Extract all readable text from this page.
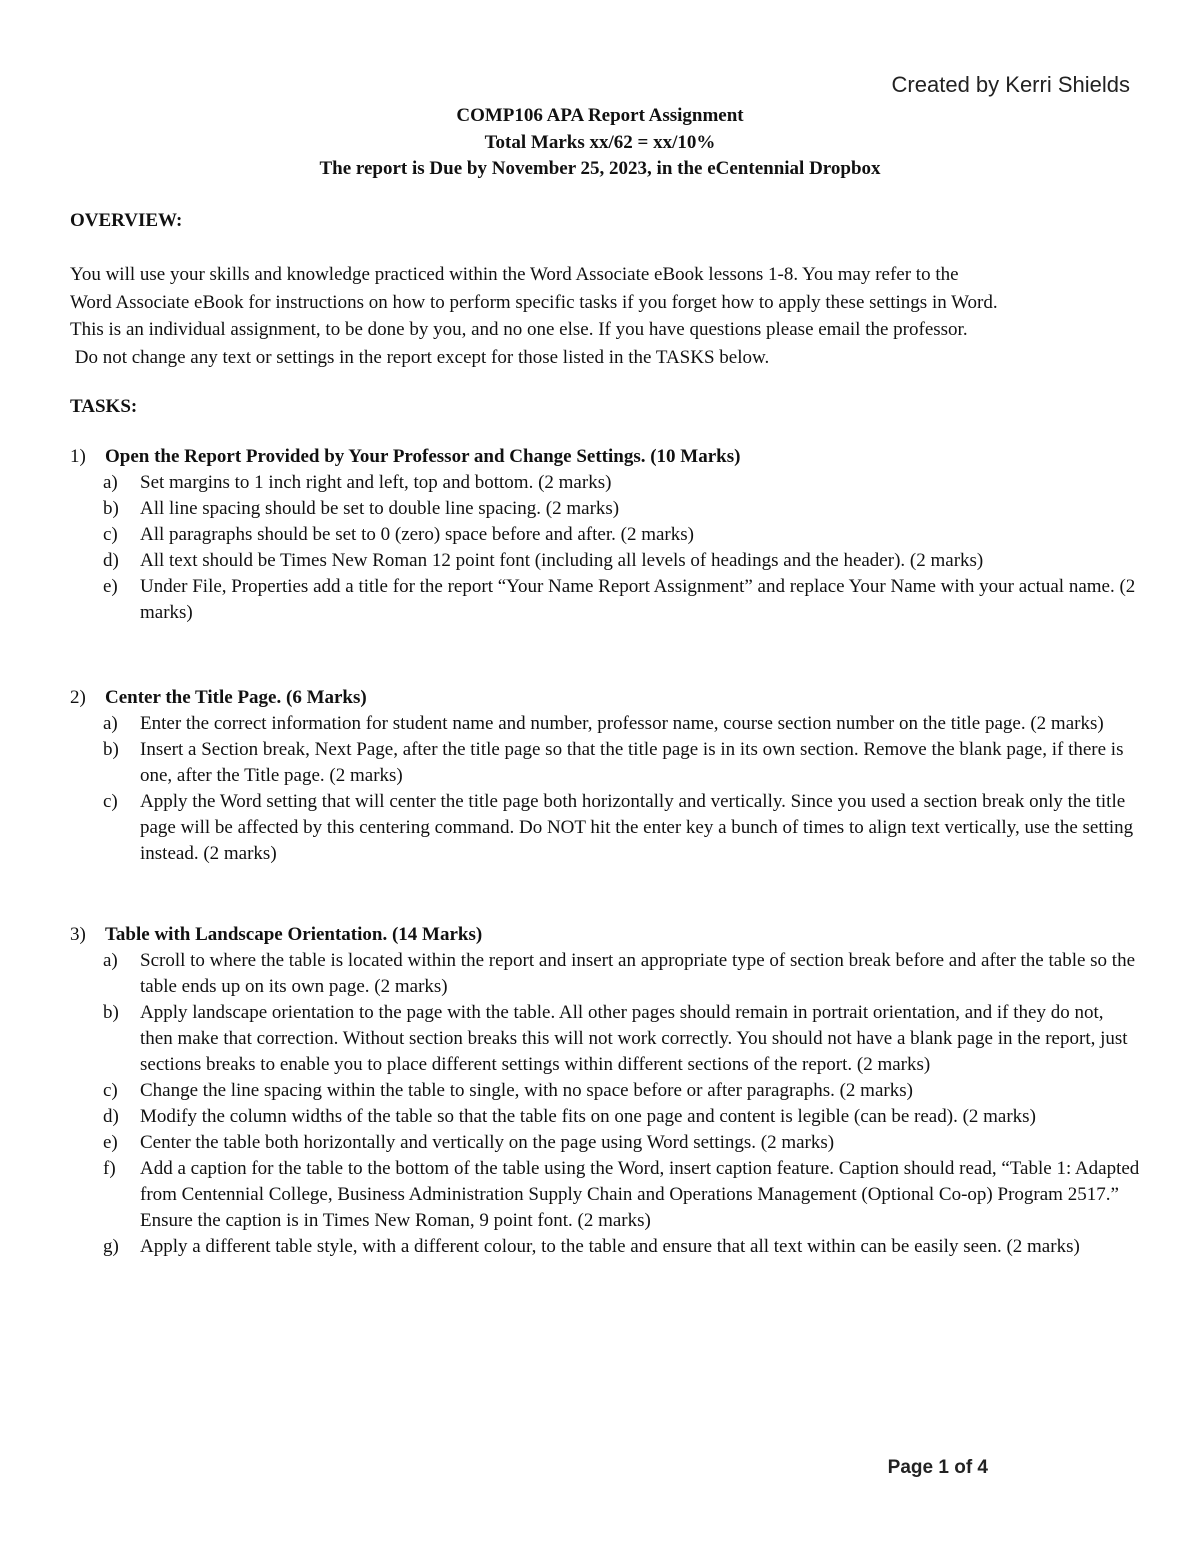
Created by Kerri Shields
COMP106 APA Report Assignment
Total Marks xx/62 = xx/10%
The report is Due by November 25, 2023, in the eCentennial Dropbox
OVERVIEW:
You will use your skills and knowledge practiced within the Word Associate eBook lessons 1-8. You may refer to the
Word Associate eBook for instructions on how to perform specific tasks if you forget how to apply these settings in Word.
This is an individual assignment, to be done by you, and no one else. If you have questions please email the professor.
Do not change any text or settings in the report except for those listed in the TASKS below.
TASKS:
1) Open the Report Provided by Your Professor and Change Settings. (10 Marks)
a) Set margins to 1 inch right and left, top and bottom. (2 marks)
b) All line spacing should be set to double line spacing. (2 marks)
c) All paragraphs should be set to 0 (zero) space before and after. (2 marks)
d) All text should be Times New Roman 12 point font (including all levels of headings and the header). (2 marks)
e) Under File, Properties add a title for the report “Your Name Report Assignment” and replace Your Name with your actual name. (2 marks)
2) Center the Title Page. (6 Marks)
a) Enter the correct information for student name and number, professor name, course section number on the title page. (2 marks)
b) Insert a Section break, Next Page, after the title page so that the title page is in its own section. Remove the blank page, if there is one, after the Title page. (2 marks)
c) Apply the Word setting that will center the title page both horizontally and vertically. Since you used a section break only the title page will be affected by this centering command. Do NOT hit the enter key a bunch of times to align text vertically, use the setting instead. (2 marks)
3) Table with Landscape Orientation. (14 Marks)
a) Scroll to where the table is located within the report and insert an appropriate type of section break before and after the table so the table ends up on its own page. (2 marks)
b) Apply landscape orientation to the page with the table. All other pages should remain in portrait orientation, and if they do not, then make that correction. Without section breaks this will not work correctly. You should not have a blank page in the report, just sections breaks to enable you to place different settings within different sections of the report. (2 marks)
c) Change the line spacing within the table to single, with no space before or after paragraphs. (2 marks)
d) Modify the column widths of the table so that the table fits on one page and content is legible (can be read). (2 marks)
e) Center the table both horizontally and vertically on the page using Word settings. (2 marks)
f) Add a caption for the table to the bottom of the table using the Word, insert caption feature. Caption should read, “Table 1: Adapted from Centennial College, Business Administration Supply Chain and Operations Management (Optional Co-op) Program 2517.” Ensure the caption is in Times New Roman, 9 point font. (2 marks)
g) Apply a different table style, with a different colour, to the table and ensure that all text within can be easily seen. (2 marks)
Page 1 of 4
